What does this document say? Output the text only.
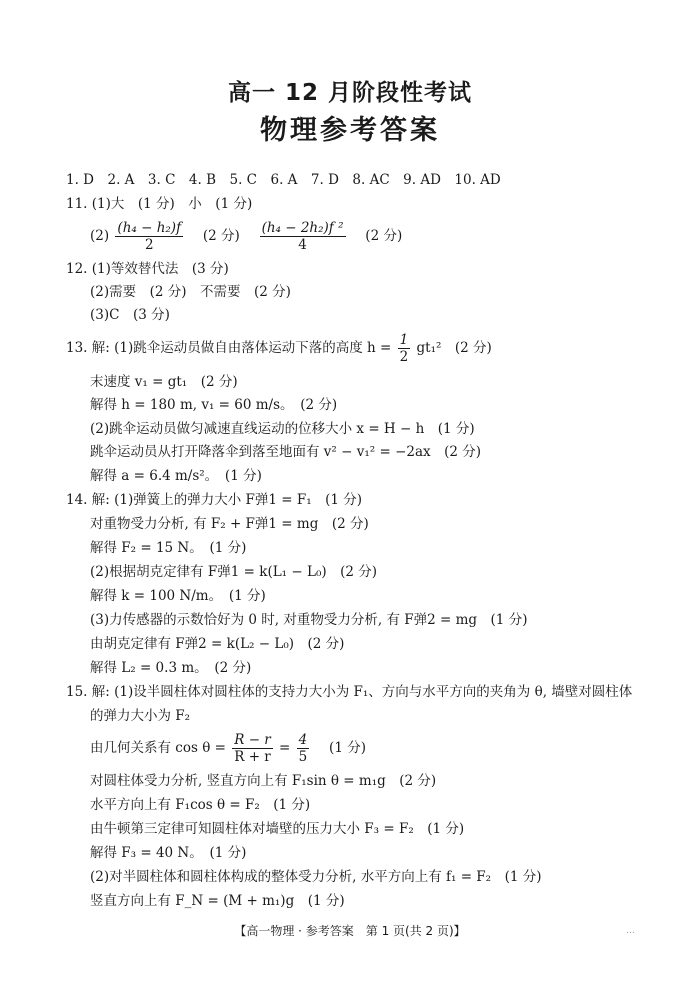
高一 12 月阶段性考试
物理参考答案
1. D　2. A　3. C　4. B　5. C　6. A　7. D　8. AC　9. AD　10. AD
11. (1)大　(1 分)　小　(1 分)
$(2) \frac{\text{(h₄ − h₂)f}}{2}$ 　(2 分)　 $\frac{\text{(h₄ − 2h₂)f ²}}{4}$ 　(2 分)
12. (1)等效替代法　(3 分)
(2)需要　(2 分)　不需要　(2 分)
(3)C　(3 分)
13. 解: (1)跳伞运动员做自由落体运动下落的高度 $h = \frac{1}{2} gt_1^2$　(2 分)
末速度 v₁ = gt₁　(2 分)
解得 h = 180 m, v₁ = 60 m/s。　(2 分)
(2)跳伞运动员做匀减速直线运动的位移大小 x = H − h　(1 分)
跳伞运动员从打开降落伞到落至地面有 v² − v₁² = −2ax　(2 分)
解得 a = 6.4 m/s²。　(1 分)
14. 解: (1)弹簧上的弹力大小 F弹1 = F₁　(1 分)
对重物受力分析, 有 F₂ + F弹1 = mg　(2 分)
解得 F₂ = 15 N。　(1 分)
(2)根据胡克定律有 F弹1 = k(L₁ − L₀)　(2 分)
解得 k = 100 N/m。　(1 分)
(3)力传感器的示数恰好为 0 时, 对重物受力分析, 有 F弹2 = mg　(1 分)
由胡克定律有 F弹2 = k(L₂ − L₀)　(2 分)
解得 L₂ = 0.3 m。　(2 分)
15. 解: (1)设半圆柱体对圆柱体的支持力大小为 F₁、方向与水平方向的夹角为 θ, 墙壁对圆柱体
的弹力大小为 F₂
由几何关系有 $\cos \theta = \frac{R - r}{R + r} = \frac{4}{5}$ 　(1 分)
对圆柱体受力分析, 竖直方向上有 F₁sin θ = m₁g　(2 分)
水平方向上有 F₁cos θ = F₂　(1 分)
由牛顿第三定律可知圆柱体对墙壁的压力大小 F₃ = F₂　(1 分)
解得 F₃ = 40 N。　(1 分)
(2)对半圆柱体和圆柱体构成的整体受力分析, 水平方向上有 f₁ = F₂　(1 分)
竖直方向上有 F_N = (M + m₁)g　(1 分)
【高一物理 · 参考答案　第 1 页(共 2 页)】	…
